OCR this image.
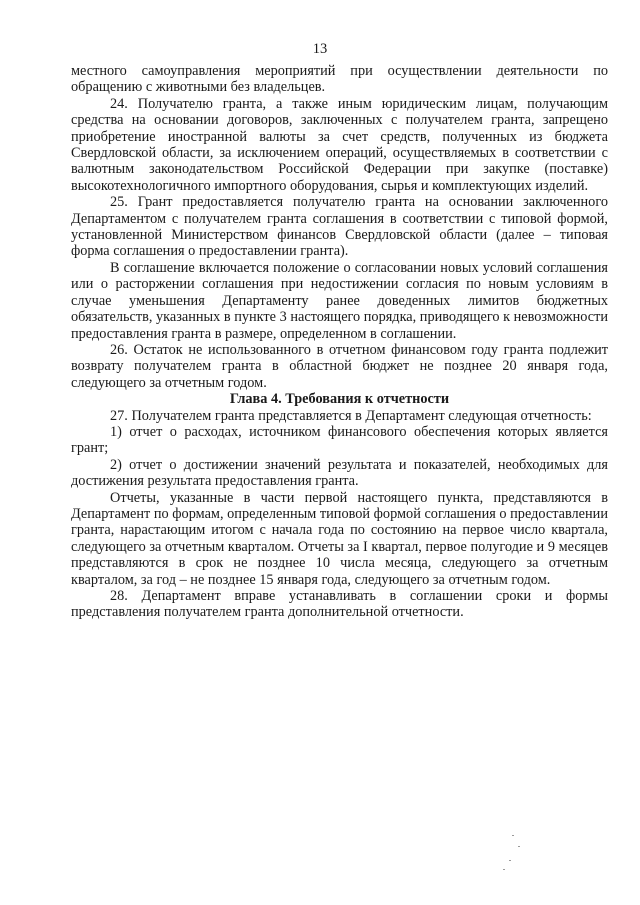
13

местного самоуправления мероприятий при осуществлении деятельности по обращению с животными без владельцев.

24. Получателю гранта, а также иным юридическим лицам, получающим средства на основании договоров, заключенных с получателем гранта, запрещено приобретение иностранной валюты за счет средств, полученных из бюджета Свердловской области, за исключением операций, осуществляемых в соответствии с валютным законодательством Российской Федерации при закупке (поставке) высокотехнологичного импортного оборудования, сырья и комплектующих изделий.

25. Грант предоставляется получателю гранта на основании заключенного Департаментом с получателем гранта соглашения в соответствии с типовой формой, установленной Министерством финансов Свердловской области (далее – типовая форма соглашения о предоставлении гранта).

В соглашение включается положение о согласовании новых условий соглашения или о расторжении соглашения при недостижении согласия по новым условиям в случае уменьшения Департаменту ранее доведенных лимитов бюджетных обязательств, указанных в пункте 3 настоящего порядка, приводящего к невозможности предоставления гранта в размере, определенном в соглашении.

26. Остаток не использованного в отчетном финансовом году гранта подлежит возврату получателем гранта в областной бюджет не позднее 20 января года, следующего за отчетным годом.

Глава 4. Требования к отчетности

27. Получателем гранта представляется в Департамент следующая отчетность:

1) отчет о расходах, источником финансового обеспечения которых является грант;

2) отчет о достижении значений результата и показателей, необходимых для достижения результата предоставления гранта.

Отчеты, указанные в части первой настоящего пункта, представляются в Департамент по формам, определенным типовой формой соглашения о предоставлении гранта, нарастающим итогом с начала года по состоянию на первое число квартала, следующего за отчетным кварталом. Отчеты за I квартал, первое полугодие и 9 месяцев представляются в срок не позднее 10 числа месяца, следующего за отчетным кварталом, за год – не позднее 15 января года, следующего за отчетным годом.

28. Департамент вправе устанавливать в соглашении сроки и формы представления получателем гранта дополнительной отчетности.
